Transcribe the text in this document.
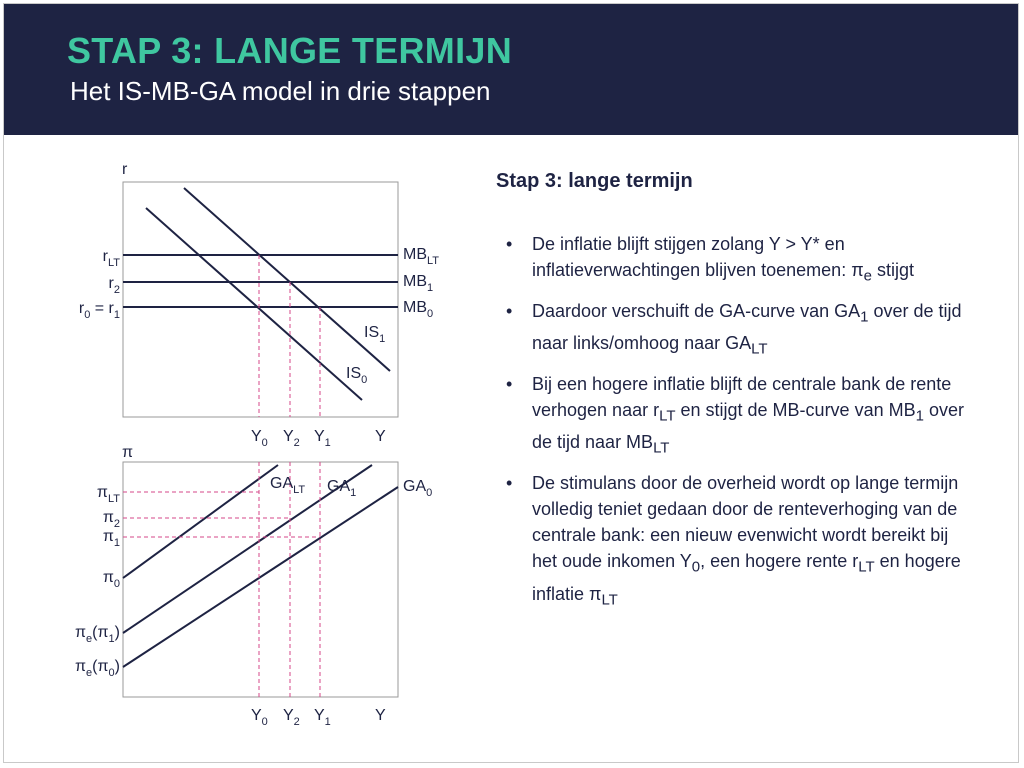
STAP 3: LANGE TERMIJN
Het IS-MB-GA model in drie stappen
r
$r_{LT}$
$r_2$
$r_0 = r_1$
$MB_{LT}$
$MB_1$
$MB_0$
$IS_1$
$IS_0$
$Y_0$ $Y_2$ $Y_1$	Y
π
$\pi_{LT}$
$\pi_2$
$\pi_1$
$\pi_0$
$\pi_e(\pi_1)$
$\pi_e(\pi_0)$
$GA_{LT}$ $GA_1$	$GA_0$
$Y_0$ $Y_2$ $Y_1$	Y
Stap 3: lange termijn
• De inflatie blijft stijgen zolang Y > Y* en inflatieverwachtingen blijven toenemen: $\pi_e$ stijgt
• Daardoor verschuift de GA-curve van $GA_1$ over de tijd naar links/omhoog naar $GA_{LT}$
• Bij een hogere inflatie blijft de centrale bank de rente verhogen naar $r_{LT}$ en stijgt de MB-curve van $MB_1$ over de tijd naar $MB_{LT}$
• De stimulans door de overheid wordt op lange termijn volledig teniet gedaan door de renteverhoging van de centrale bank: een nieuw evenwicht wordt bereikt bij het oude inkomen $Y_0$, een hogere rente $r_{LT}$ en hogere inflatie $\pi_{LT}$
